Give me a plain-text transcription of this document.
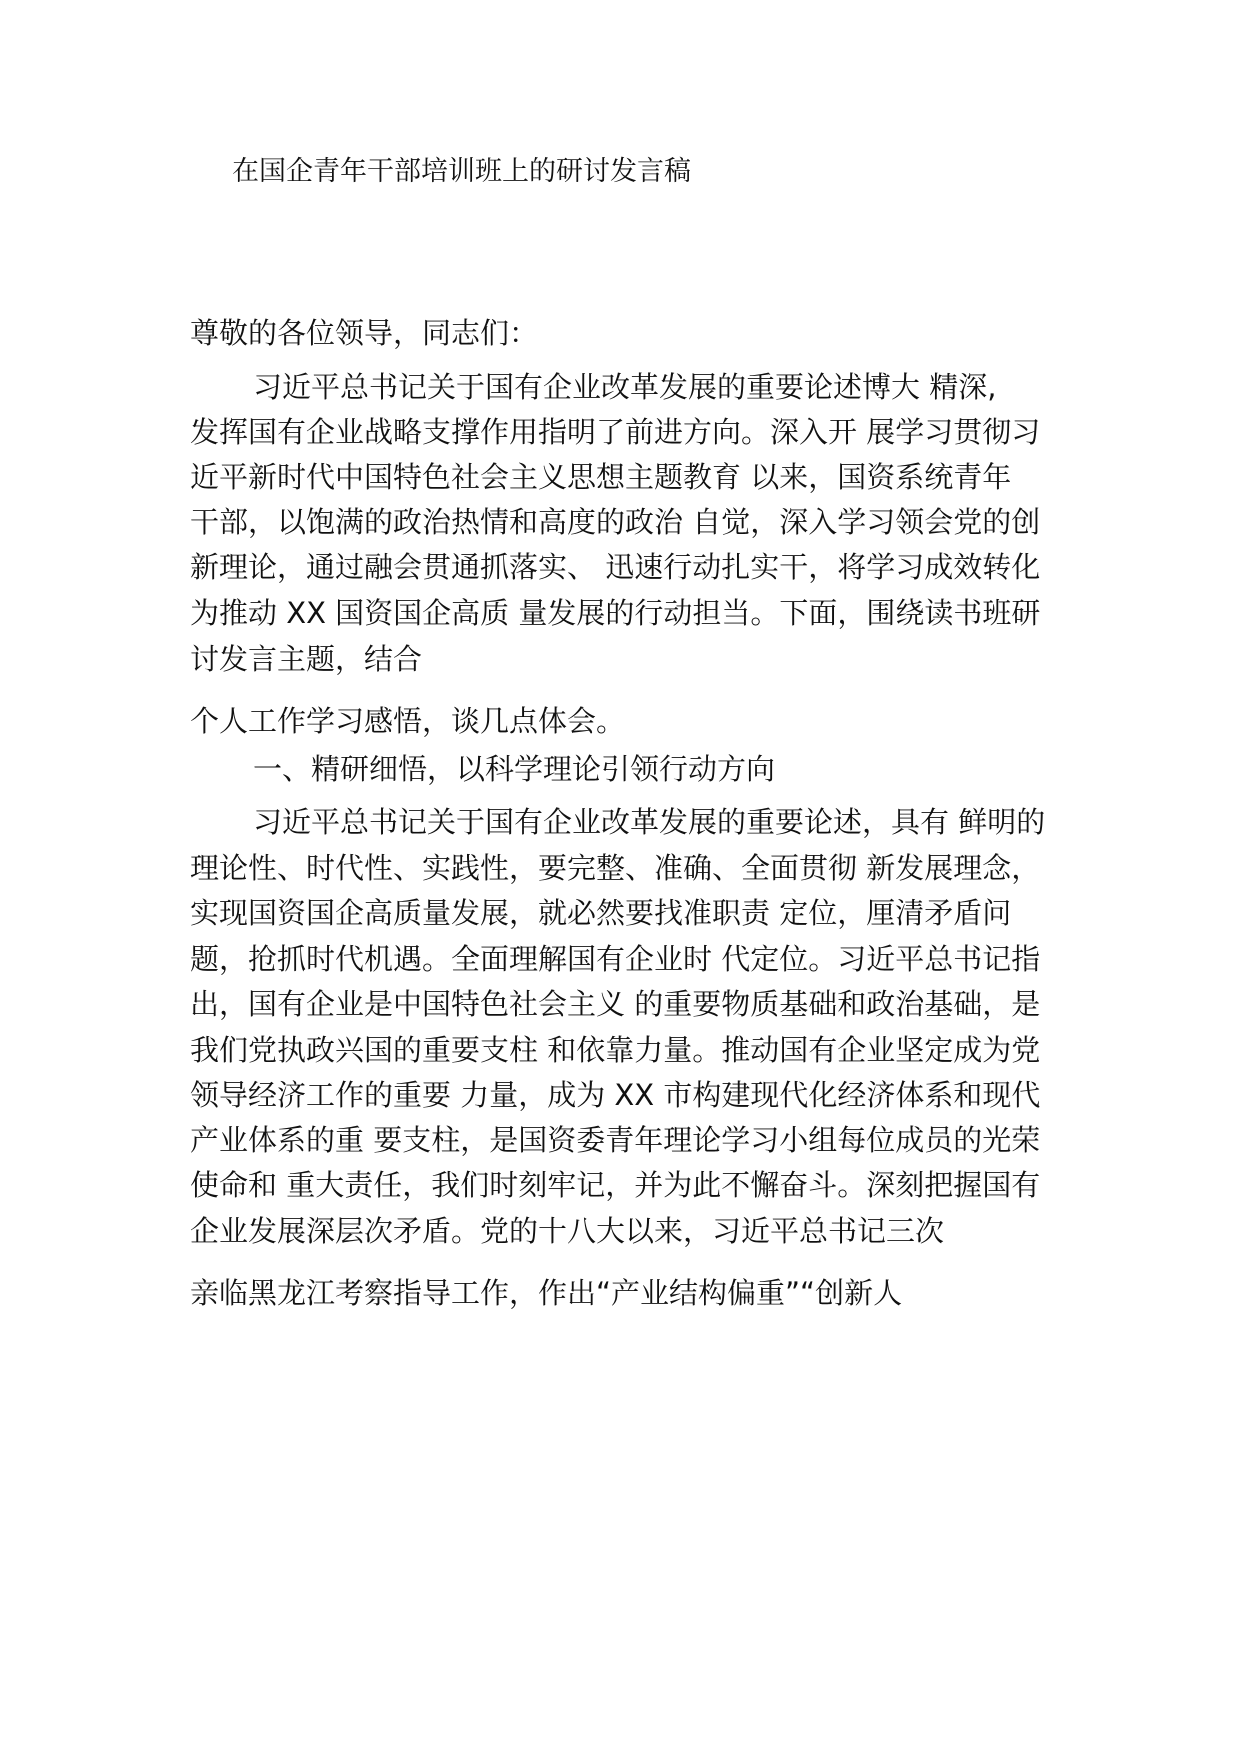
在国企青年干部培训班上的研讨发言稿
尊敬的各位领导，同志们：
习近平总书记关于国有企业改革发展的重要论述博大 精深,
发挥国有企业战略支撑作用指明了前进方向。深入开 展学习贯彻习
近平新时代中国特色社会主义思想主题教育 以来，国资系统青年
干部，以饱满的政治热情和高度的政治 自觉，深入学习领会党的创
新理论，通过融会贯通抓落实、 迅速行动扎实干，将学习成效转化
为推动 XX 国资国企高质 量发展的行动担当。下面，围绕读书班研
讨发言主题，结合
个人工作学习感悟，谈几点体会。
一、精研细悟，以科学理论引领行动方向
习近平总书记关于国有企业改革发展的重要论述，具有 鲜明的
理论性、时代性、实践性，要完整、准确、全面贯彻 新发展理念，
实现国资国企高质量发展，就必然要找准职责 定位，厘清矛盾问
题，抢抓时代机遇。全面理解国有企业时 代定位。习近平总书记指
出，国有企业是中国特色社会主义 的重要物质基础和政治基础，是
我们党执政兴国的重要支柱 和依靠力量。推动国有企业坚定成为党
领导经济工作的重要 力量，成为 XX 市构建现代化经济体系和现代
产业体系的重 要支柱，是国资委青年理论学习小组每位成员的光荣
使命和 重大责任，我们时刻牢记，并为此不懈奋斗。深刻把握国有
企业发展深层次矛盾。党的十八大以来，习近平总书记三次
亲临黑龙江考察指导工作，作出“产业结构偏重”“创新人
